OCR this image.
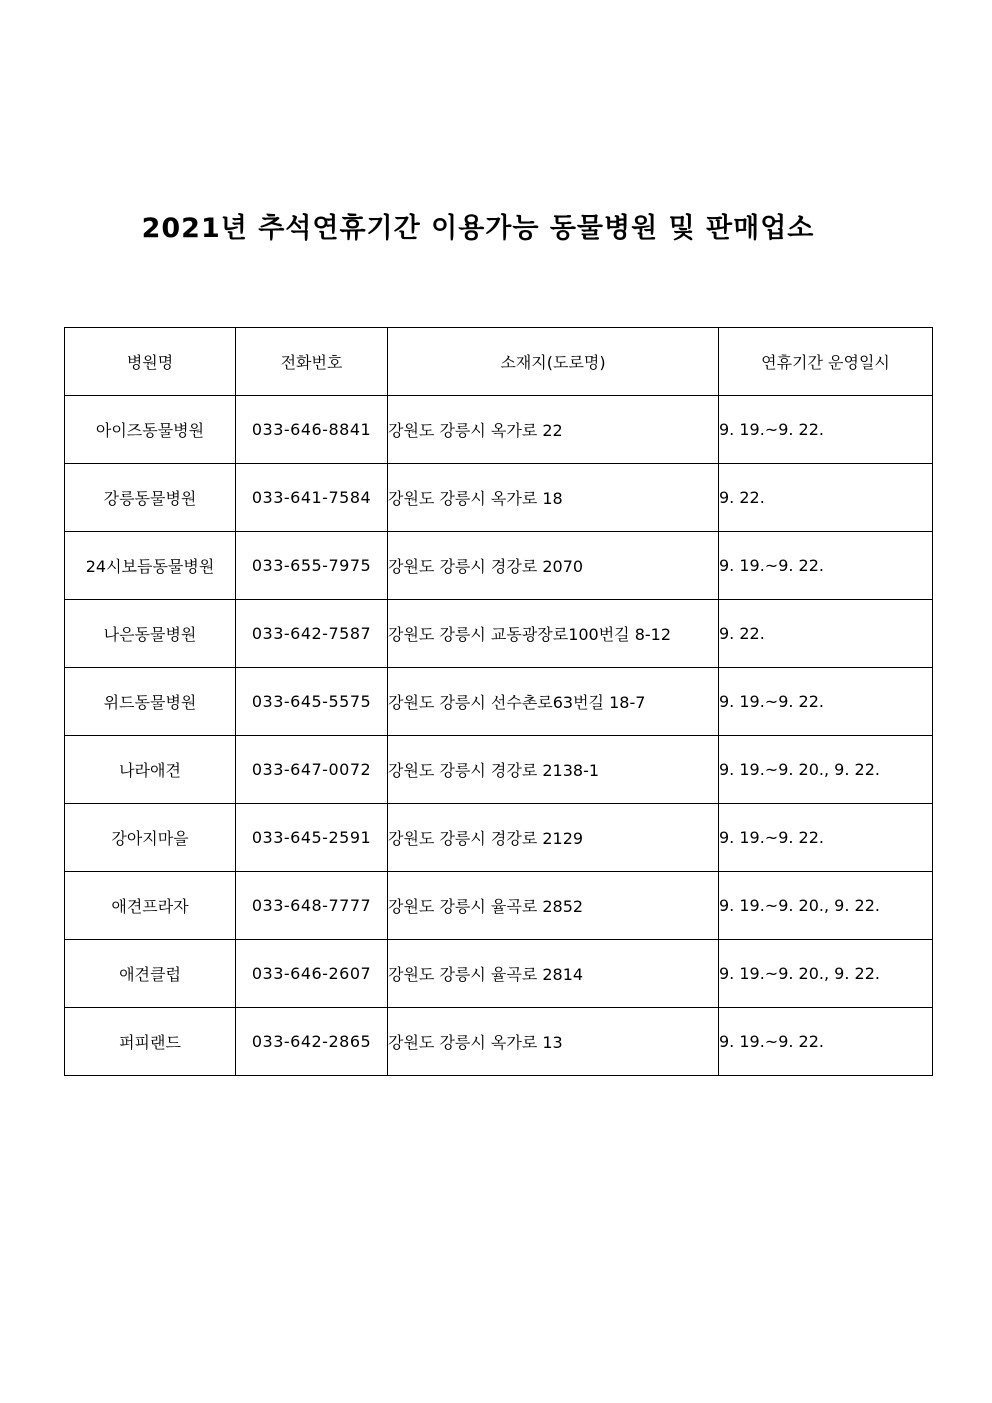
2021년 추석연휴기간 이용가능 동물병원 및 판매업소
병원명	전화번호	소재지(도로명)	연휴기간 운영일시
아이즈동물병원	033-646-8841	강원도 강릉시 옥가로 22	9. 19.~9. 22.
강릉동물병원	033-641-7584	강원도 강릉시 옥가로 18	9. 22.
24시보듬동물병원	033-655-7975	강원도 강릉시 경강로 2070	9. 19.~9. 22.
나은동물병원	033-642-7587	강원도 강릉시 교동광장로100번길 8-12	9. 22.
위드동물병원	033-645-5575	강원도 강릉시 선수촌로63번길 18-7	9. 19.~9. 22.
나라애견	033-647-0072	강원도 강릉시 경강로 2138-1	9. 19.~9. 20., 9. 22.
강아지마을	033-645-2591	강원도 강릉시 경강로 2129	9. 19.~9. 22.
애견프라자	033-648-7777	강원도 강릉시 율곡로 2852	9. 19.~9. 20., 9. 22.
애견클럽	033-646-2607	강원도 강릉시 율곡로 2814	9. 19.~9. 20., 9. 22.
퍼피랜드	033-642-2865	강원도 강릉시 옥가로 13	9. 19.~9. 22.
